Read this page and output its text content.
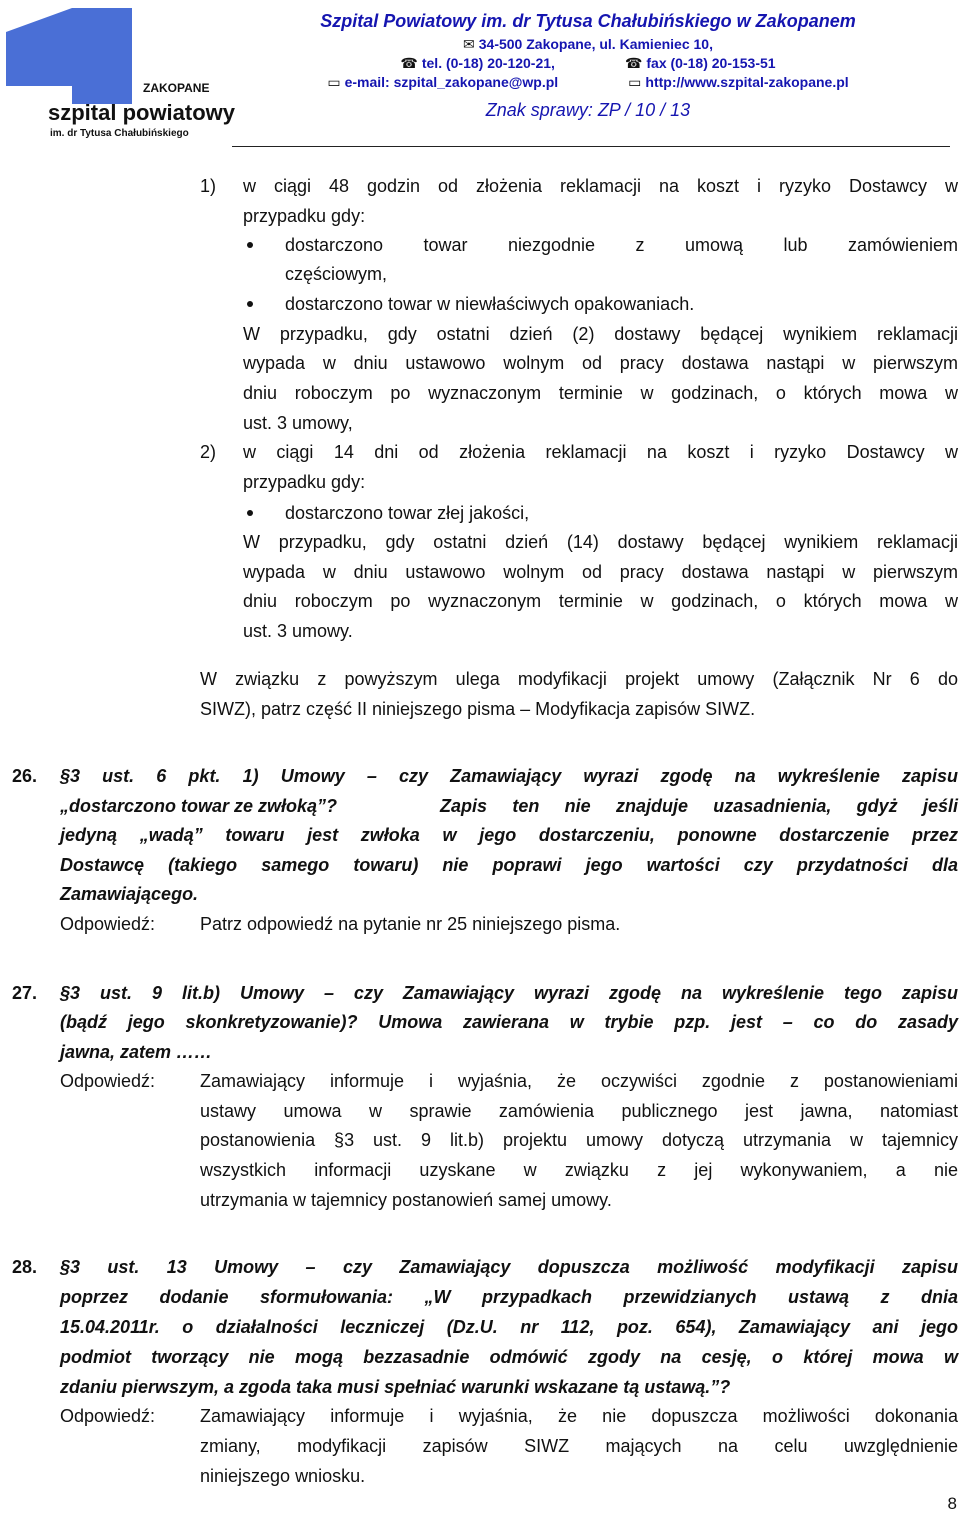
ZAKOPANE
szpital powiatowy
im. dr Tytusa Chałubińskiego
Szpital Powiatowy im. dr Tytusa Chałubińskiego w Zakopanem
✉ 34-500 Zakopane, ul. Kamieniec 10,
☎ tel. (0-18) 20-120-21,	☎ fax (0-18) 20-153-51
▭ e-mail: szpital_zakopane@wp.pl	▭ http://www.szpital-zakopane.pl
Znak sprawy: ZP / 10 / 13
1) w ciągi 48 godzin od złożenia reklamacji na koszt i ryzyko Dostawcy w
przypadku gdy:
dostarczono towar niezgodnie z umową lub zamówieniem
częściowym,
dostarczono towar w niewłaściwych opakowaniach.
W przypadku, gdy ostatni dzień (2) dostawy będącej wynikiem reklamacji
wypada w dniu ustawowo wolnym od pracy dostawa nastąpi w pierwszym
dniu roboczym po wyznaczonym terminie w godzinach, o których mowa w
ust. 3 umowy,
2) w ciągi 14 dni od złożenia reklamacji na koszt i ryzyko Dostawcy w
przypadku gdy:
dostarczono towar złej jakości,
W przypadku, gdy ostatni dzień (14) dostawy będącej wynikiem reklamacji
wypada w dniu ustawowo wolnym od pracy dostawa nastąpi w pierwszym
dniu roboczym po wyznaczonym terminie w godzinach, o których mowa w
ust. 3 umowy.
W związku z powyższym ulega modyfikacji projekt umowy (Załącznik Nr 6 do
SIWZ), patrz część II niniejszego pisma – Modyfikacja zapisów SIWZ.
26. §3 ust. 6 pkt. 1) Umowy – czy Zamawiający wyrazi zgodę na wykreślenie zapisu
„dostarczono towar ze zwłoką”?	Zapis ten nie znajduje uzasadnienia, gdyż jeśli
jedyną „wadą” towaru jest zwłoka w jego dostarczeniu, ponowne dostarczenie przez
Dostawcę (takiego samego towaru) nie poprawi jego wartości czy przydatności dla
Zamawiającego.
Odpowiedź: Patrz odpowiedź na pytanie nr 25 niniejszego pisma.
27. §3 ust. 9 lit.b) Umowy – czy Zamawiający wyrazi zgodę na wykreślenie tego zapisu
(bądź jego skonkretyzowanie)? Umowa zawierana w trybie pzp. jest – co do zasady
jawna, zatem ……
Odpowiedź: Zamawiający informuje i wyjaśnia, że oczywiści zgodnie z postanowieniami
ustawy umowa w sprawie zamówienia publicznego jest jawna, natomiast
postanowienia §3 ust. 9 lit.b) projektu umowy dotyczą utrzymania w tajemnicy
wszystkich informacji uzyskane w związku z jej wykonywaniem, a nie
utrzymania w tajemnicy postanowień samej umowy.
28. §3 ust. 13 Umowy – czy Zamawiający dopuszcza możliwość modyfikacji zapisu
poprzez dodanie sformułowania: „W przypadkach przewidzianych ustawą z dnia
15.04.2011r. o działalności leczniczej (Dz.U. nr 112, poz. 654), Zamawiający ani jego
podmiot tworzący nie mogą bezzasadnie odmówić zgody na cesję, o której mowa w
zdaniu pierwszym, a zgoda taka musi spełniać warunki wskazane tą ustawą.”?
Odpowiedź: Zamawiający informuje i wyjaśnia, że nie dopuszcza możliwości dokonania
zmiany, modyfikacji zapisów SIWZ mających na celu uwzględnienie
niniejszego wniosku.
8
